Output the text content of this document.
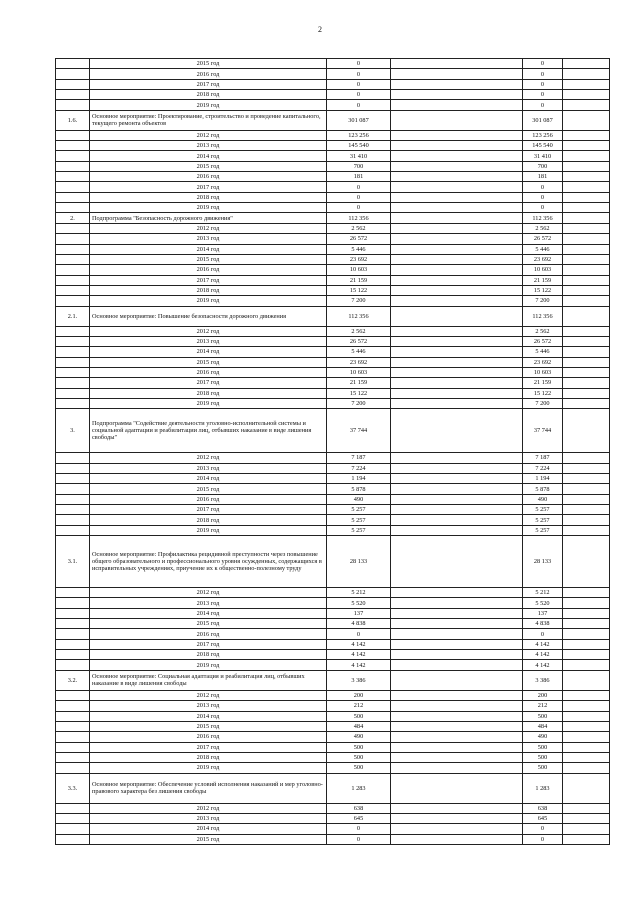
2
	2015 год	0		0		
	2016 год	0		0		
	2017 год	0		0		
	2018 год	0		0		
	2019 год	0		0		
1.6.	Основное мероприятие: Проектирование, строительство и проведение капитального, текущего ремонта объектов	301 087		301 087		
	2012 год	123 256		123 256		
	2013 год	145 540		145 540		
	2014 год	31 410		31 410		
	2015 год	700		700		
	2016 год	181		181		
	2017 год	0		0		
	2018 год	0		0		
	2019 год	0		0		
2.	Подпрограмма "Безопасность дорожного движения"	112 356		112 356		
	2012 год	2 562		2 562		
	2013 год	26 572		26 572		
	2014 год	5 446		5 446		
	2015 год	23 692		23 692		
	2016 год	10 603		10 603		
	2017 год	21 159		21 159		
	2018 год	15 122		15 122		
	2019 год	7 200		7 200		
2.1.	Основное мероприятие: Повышение безопасности дорожного движения	112 356		112 356		
	2012 год	2 562		2 562		
	2013 год	26 572		26 572		
	2014 год	5 446		5 446		
	2015 год	23 692		23 692		
	2016 год	10 603		10 603		
	2017 год	21 159		21 159		
	2018 год	15 122		15 122		
	2019 год	7 200		7 200		
3.	Подпрограмма "Содействие деятельности уголовно-исполнительной системы и социальной адаптации и реабилитации лиц, отбывших наказание в виде лишения свободы"	37 744		37 744		
	2012 год	7 187		7 187		
	2013 год	7 224		7 224		
	2014 год	1 194		1 194		
	2015 год	5 878		5 878		
	2016 год	490		490		
	2017 год	5 257		5 257		
	2018 год	5 257		5 257		
	2019 год	5 257		5 257		
3.1.	Основное мероприятие: Профилактика рецидивной преступности через повышение общего образовательного и профессионального уровня осужденных, содержащихся в исправительных учреждениях, приучение их к общественно-полезному труду	28 133		28 133		
	2012 год	5 212		5 212		
	2013 год	5 520		5 520		
	2014 год	137		137		
	2015 год	4 838		4 838		
	2016 год	0		0		
	2017 год	4 142		4 142		
	2018 год	4 142		4 142		
	2019 год	4 142		4 142		
3.2.	Основное мероприятие: Социальная адаптация и реабилитация лиц, отбывших наказание в виде лишения свободы	3 386		3 386		
	2012 год	200		200		
	2013 год	212		212		
	2014 год	500		500		
	2015 год	484		484		
	2016 год	490		490		
	2017 год	500		500		
	2018 год	500		500		
	2019 год	500		500		
3.3.	Основное мероприятие: Обеспечение условий исполнения наказаний и мер уголовно-правового характера без лишения свободы	1 283		1 283		
	2012 год	638		638		
	2013 год	645		645		
	2014 год	0		0		
	2015 год	0		0		
